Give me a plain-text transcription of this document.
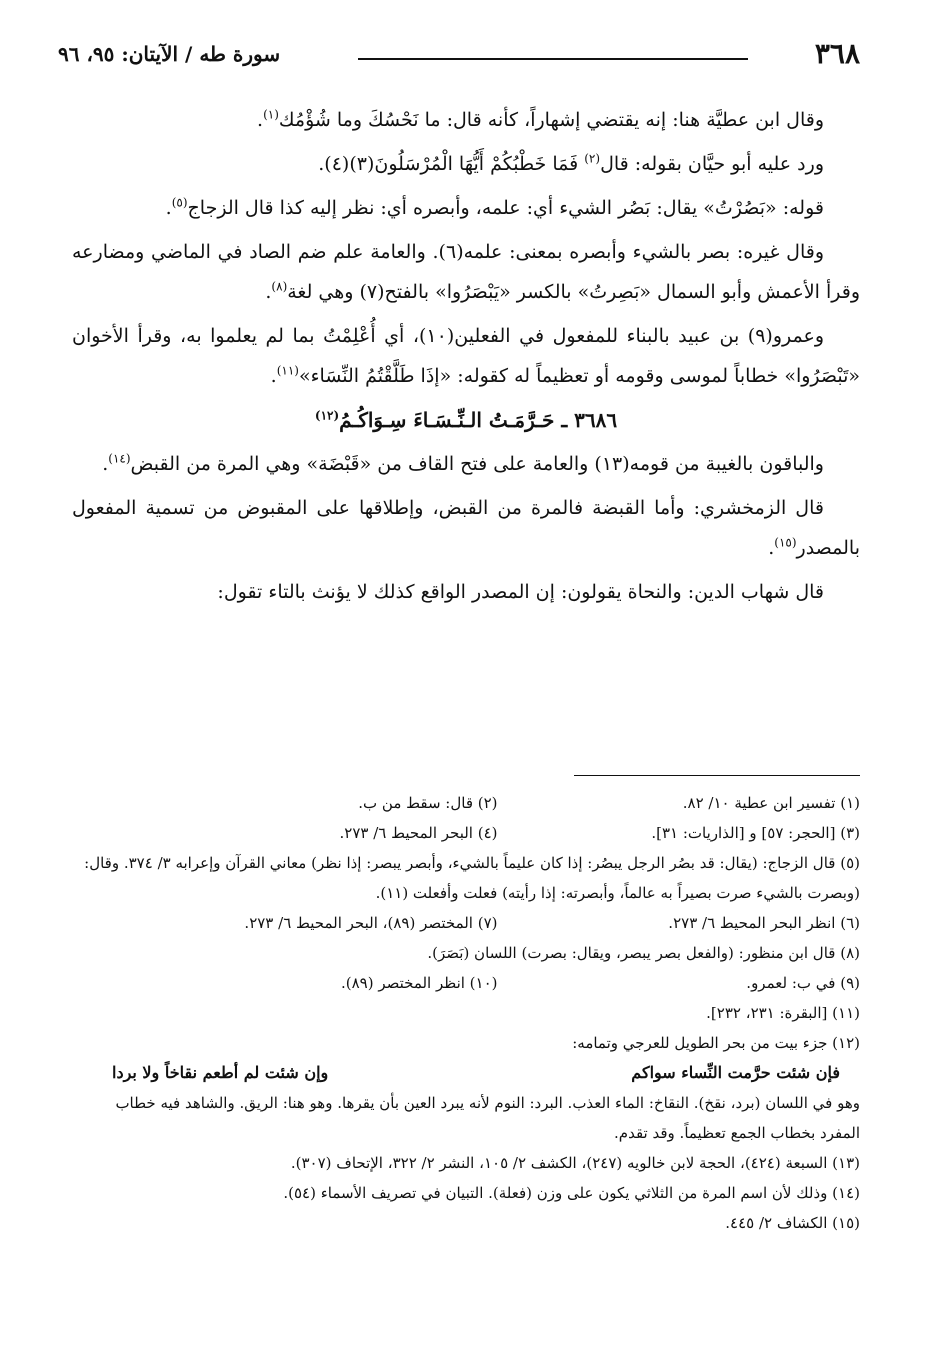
٣٦٨
سورة طه / الآيتان: ٩٥، ٩٦

وقال ابن عطيَّة هنا: إنه يقتضي إشهاراً، كأنه قال: ما نَحْسُكَ وما شُؤْمُك$^{(١)}$.

ورد عليه أبو حيَّان بقوله: قال$^{(٢)}$ فَمَا خَطْبُكُمْ أَيُّهَا الْمُرْسَلُونَ(٣)(٤).

قوله: «بَصُرْتُ» يقال: بَصُر الشيء أي: علمه، وأبصره أي: نظر إليه كذا قال الزجاج$^{(٥)}$.

وقال غيره: بصر بالشيء وأبصره بمعنى: علمه(٦). والعامة علم ضم الصاد في الماضي ومضارعه وقرأ الأعمش وأبو السمال «بَصِرتُ» بالكسر «يَبْصَرُوا» بالفتح(٧) وهي لغة$^{(٨)}$.

وعمرو(٩) بن عبيد بالبناء للمفعول في الفعلين(١٠)، أي أُعْلِمْتُ بما لم يعلموا به، وقرأ الأخوان «تَبْصَرُوا» خطاباً لموسى وقومه أو تعظيماً له كقوله: «إذَا طَلَّقْتُمُ النِّسَاء»$^{(١١)}$.

٣٦٨٦ ـ حَـرَّمَـتُ الـنِّـسَـاءَ سِـوَاكُـمُ$^{(١٢)}$

والباقون بالغيبة من قومه(١٣) والعامة على فتح القاف من «قَبْضَة» وهي المرة من القبض$^{(١٤)}$.

قال الزمخشري: وأما القبضة فالمرة من القبض، وإطلاقها على المقبوض من تسمية المفعول بالمصدر$^{(١٥)}$.

قال شهاب الدين: والنحاة يقولون: إن المصدر الواقع كذلك لا يؤنث بالتاء تقول:

(١) تفسير ابن عطية ١٠/ ٨٢.
(٢) قال: سقط من ب.
(٣) [الحجر: ٥٧] و [الذاريات: ٣١].
(٤) البحر المحيط ٦/ ٢٧٣.
(٥) قال الزجاج: (يقال: قد بصُر الرجل يبصُر: إذا كان عليماً بالشيء، وأبصر يبصر: إذا نظر) معاني القرآن وإعرابه ٣/ ٣٧٤. وقال: (وبصرت بالشيء صرت بصيراً به عالماً، وأبصرته: إذا رأيته) فعلت وأفعلت (١١).
(٦) انظر البحر المحيط ٦/ ٢٧٣.
(٧) المختصر (٨٩)، البحر المحيط ٦/ ٢٧٣.
(٨) قال ابن منظور: (والفعل بصر يبصر، ويقال: بصرت) اللسان (بَصَرَ).
(٩) في ب: لعمرو.
(١٠) انظر المختصر (٨٩).
(١١) [البقرة: ٢٣١، ٢٣٢].
(١٢) جزء بيت من بحر الطويل للعرجي وتمامه:
فإن شئت حرَّمت النِّساء سواكم
وإن شئت لم أطعم نقاخاً ولا بردا
وهو في اللسان (برد، نقخ). النقاخ: الماء العذب. البرد: النوم لأنه يبرد العين بأن يقرها. وهو هنا: الريق. والشاهد فيه خطاب المفرد بخطاب الجمع تعظيماً. وقد تقدم.
(١٣) السبعة (٤٢٤)، الحجة لابن خالويه (٢٤٧)، الكشف ٢/ ١٠٥، النشر ٢/ ٣٢٢، الإتحاف (٣٠٧).
(١٤) وذلك لأن اسم المرة من الثلاثي يكون على وزن (فعلة). التبيان في تصريف الأسماء (٥٤).
(١٥) الكشاف ٢/ ٤٤٥.
